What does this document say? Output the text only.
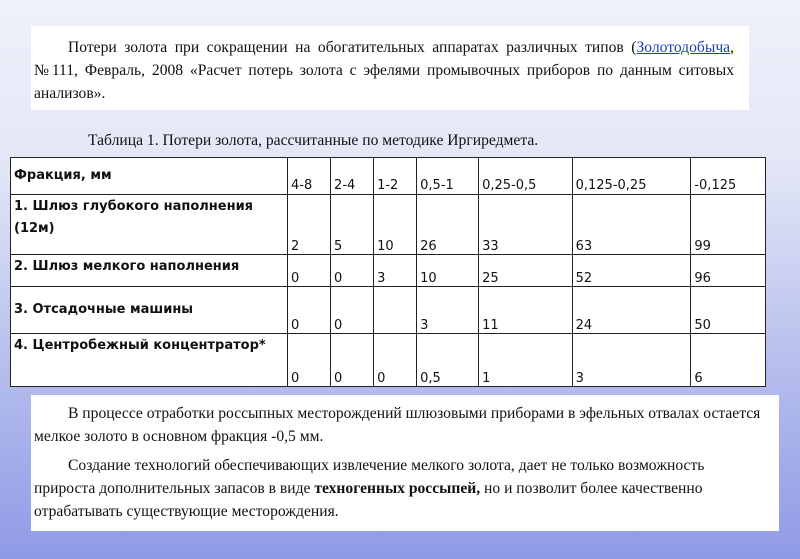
Потери золота при сокращении на обогатительных аппаратах различных типов (Золотодобыча, №111, Февраль, 2008 «Расчет потерь золота с эфелями промывочных приборов по данным ситовых анализов».

Таблица 1. Потери золота, рассчитанные по методике Иргиредмета.
Фракция, мм	4-8	2-4	1-2	0,5-1	0,25-0,5	0,125-0,25	-0,125
1. Шлюз глубокого наполнения (12м)	2	5	10	26	33	63	99
2. Шлюз мелкого наполнения	0	0	3	10	25	52	96
3. Отсадочные машины	0	0		3	11	24	50
4. Центробежный концентратор*	0	0	0	0,5	1	3	6

В процессе отработки россыпных месторождений шлюзовыми приборами в эфельных отвалах остается мелкое золото в основном фракция -0,5 мм.

Создание технологий обеспечивающих извлечение мелкого золота, дает не только возможность прироста дополнительных запасов в виде техногенных россыпей, но и позволит более качественно отрабатывать существующие месторождения.
